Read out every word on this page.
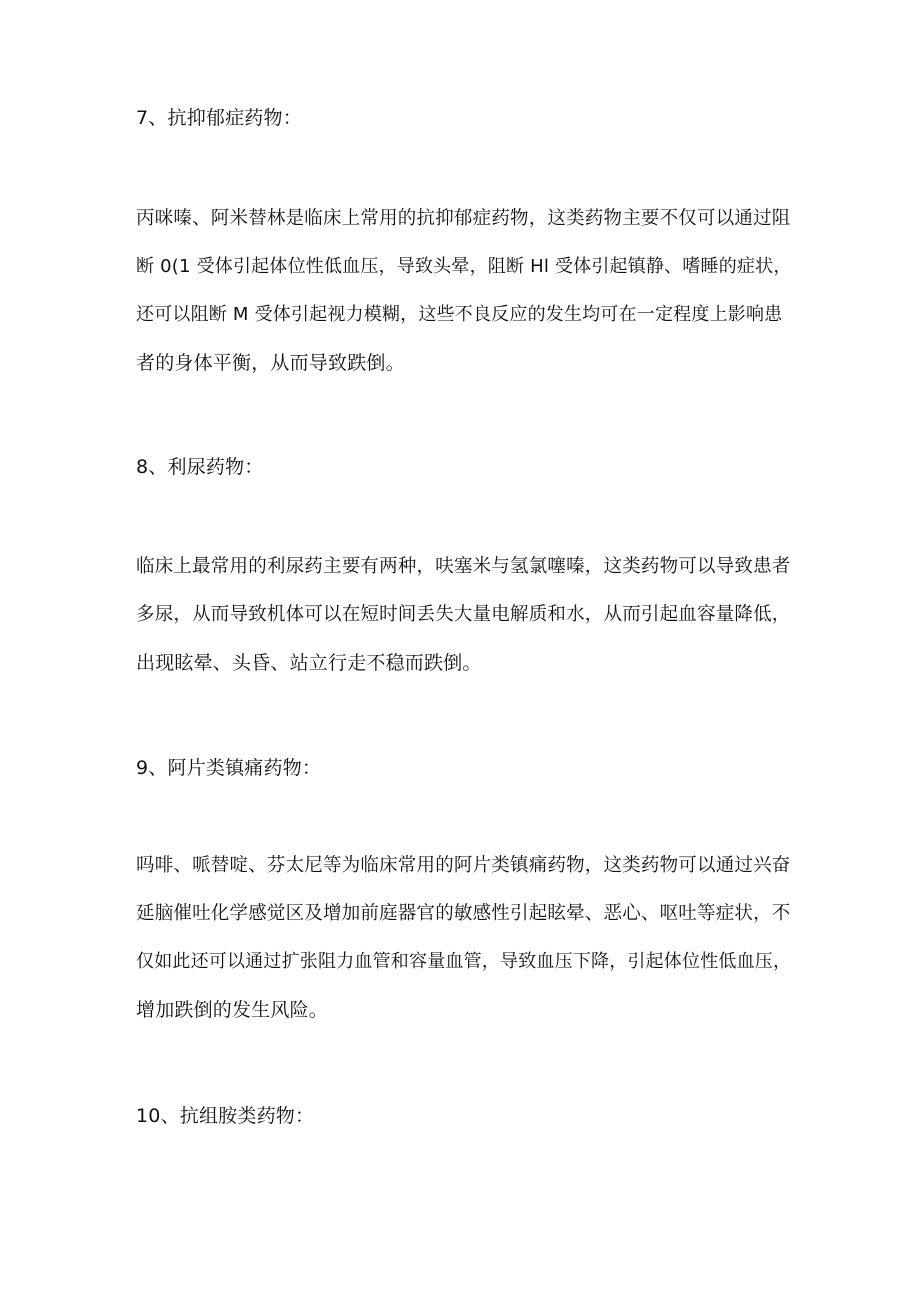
7、抗抑郁症药物：
丙咪嗪、阿米替林是临床上常用的抗抑郁症药物，这类药物主要不仅可以通过阻
断 0(1 受体引起体位性低血压，导致头晕，阻断 Hl 受体引起镇静、嗜睡的症状，
还可以阻断 M 受体引起视力模糊，这些不良反应的发生均可在一定程度上影响患
者的身体平衡，从而导致跌倒。
8、利尿药物：
临床上最常用的利尿药主要有两种，呋塞米与氢氯噻嗪，这类药物可以导致患者
多尿，从而导致机体可以在短时间丢失大量电解质和水，从而引起血容量降低，
出现眩晕、头昏、站立行走不稳而跌倒。
9、阿片类镇痛药物：
吗啡、哌替啶、芬太尼等为临床常用的阿片类镇痛药物，这类药物可以通过兴奋
延脑催吐化学感觉区及增加前庭器官的敏感性引起眩晕、恶心、呕吐等症状，不
仅如此还可以通过扩张阻力血管和容量血管，导致血压下降，引起体位性低血压，
增加跌倒的发生风险。
10、抗组胺类药物：
